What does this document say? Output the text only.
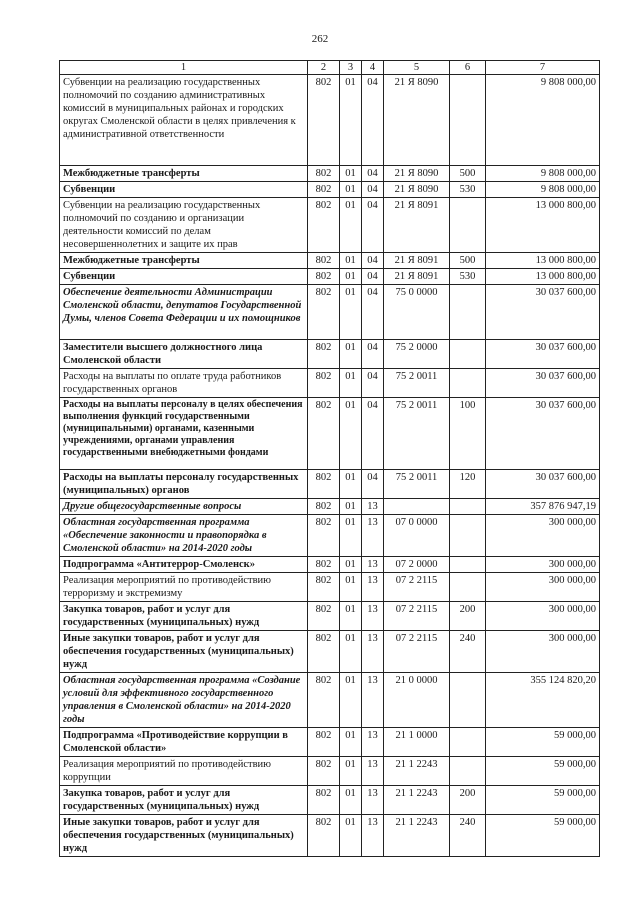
262
1	2	3	4	5	6	7
Субвенции на реализацию государственных полномочий по созданию административных комиссий в муниципальных районах и городских округах Смоленской области в целях привлечения к административной ответственности	802	01	04	21 Я 8090		9 808 000,00
Межбюджетные трансферты	802	01	04	21 Я 8090	500	9 808 000,00
Субвенции	802	01	04	21 Я 8090	530	9 808 000,00
Субвенции на реализацию государственных полномочий по созданию и организации деятельности комиссий по делам несовершеннолетних и защите их прав	802	01	04	21 Я 8091		13 000 800,00
Межбюджетные трансферты	802	01	04	21 Я 8091	500	13 000 800,00
Субвенции	802	01	04	21 Я 8091	530	13 000 800,00
Обеспечение деятельности Администрации Смоленской области, депутатов Государственной Думы, членов Совета Федерации и их помощников	802	01	04	75 0 0000		30 037 600,00
Заместители высшего должностного лица Смоленской области	802	01	04	75 2 0000		30 037 600,00
Расходы на выплаты по оплате труда работников государственных органов	802	01	04	75 2 0011		30 037 600,00
Расходы на выплаты персоналу в целях обеспечения выполнения функций государственными (муниципальными) органами, казенными учреждениями, органами управления государственными внебюджетными фондами	802	01	04	75 2 0011	100	30 037 600,00
Расходы на выплаты персоналу государственных (муниципальных) органов	802	01	04	75 2 0011	120	30 037 600,00
Другие общегосударственные вопросы	802	01	13			357 876 947,19
Областная государственная программа «Обеспечение законности и правопорядка в Смоленской области» на 2014-2020 годы	802	01	13	07 0 0000		300 000,00
Подпрограмма «Антитеррор-Смоленск»	802	01	13	07 2 0000		300 000,00
Реализация мероприятий по противодействию терроризму и экстремизму	802	01	13	07 2 2115		300 000,00
Закупка товаров, работ и услуг для государственных (муниципальных) нужд	802	01	13	07 2 2115	200	300 000,00
Иные закупки товаров, работ и услуг для обеспечения государственных (муниципальных) нужд	802	01	13	07 2 2115	240	300 000,00
Областная государственная программа «Создание условий для эффективного государственного управления в Смоленской области» на 2014-2020 годы	802	01	13	21 0 0000		355 124 820,20
Подпрограмма «Противодействие коррупции в Смоленской области»	802	01	13	21 1 0000		59 000,00
Реализация мероприятий по противодействию коррупции	802	01	13	21 1 2243		59 000,00
Закупка товаров, работ и услуг для государственных (муниципальных) нужд	802	01	13	21 1 2243	200	59 000,00
Иные закупки товаров, работ и услуг для обеспечения государственных (муниципальных) нужд	802	01	13	21 1 2243	240	59 000,00
